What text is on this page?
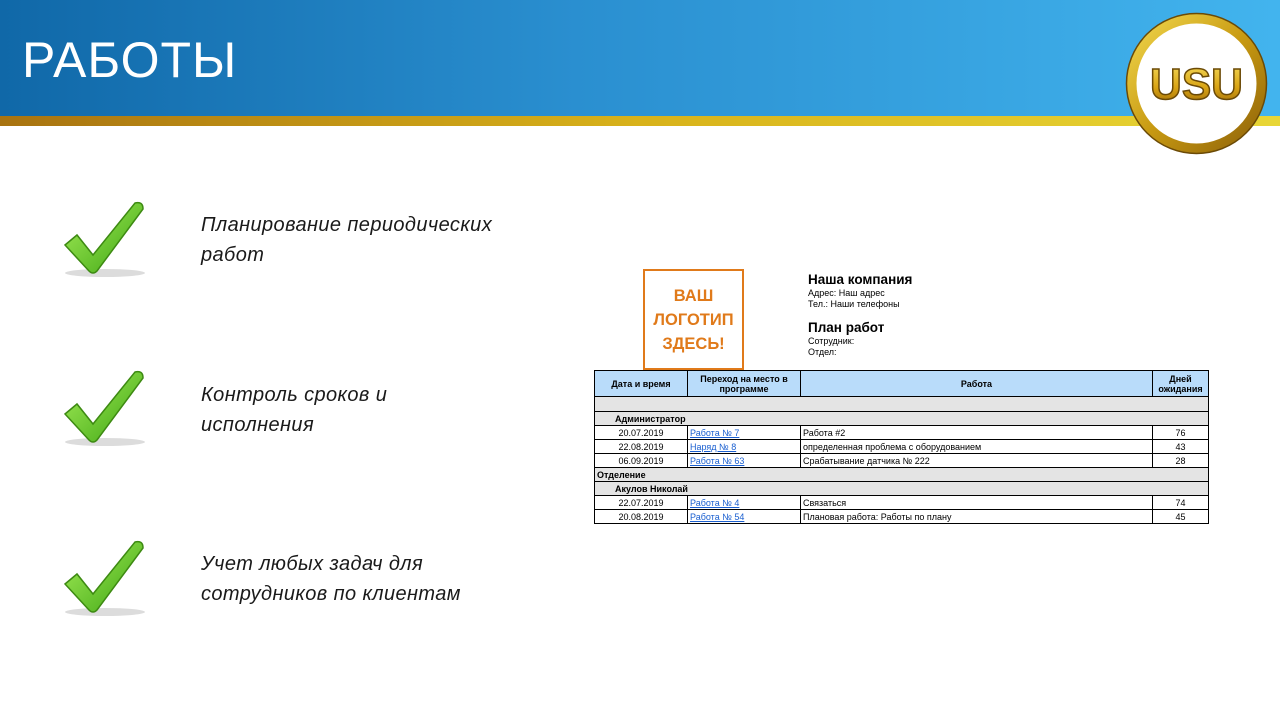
РАБОТЫ	USU
Планирование периодических
работ
Контроль сроков и
исполнения
Учет любых задач для
сотрудников по клиентам
ВАШ
ЛОГОТИП
ЗДЕСЬ!
Наша компания
Адрес: Наш адрес
Тел.: Наши телефоны
План работ
Сотрудник:
Отдел:
Дата и время	Переход на место в программе	Работа	Дней ожидания

Администратор			
20.07.2019	Работа № 7	Работа #2	76
22.08.2019	Наряд № 8	определенная проблема с оборудованием	43
06.09.2019	Работа № 63	Срабатывание датчика № 222	28
Отделение			
Акулов Николай			
22.07.2019	Работа № 4	Связаться	74
20.08.2019	Работа № 54	Плановая работа: Работы по плану	45
